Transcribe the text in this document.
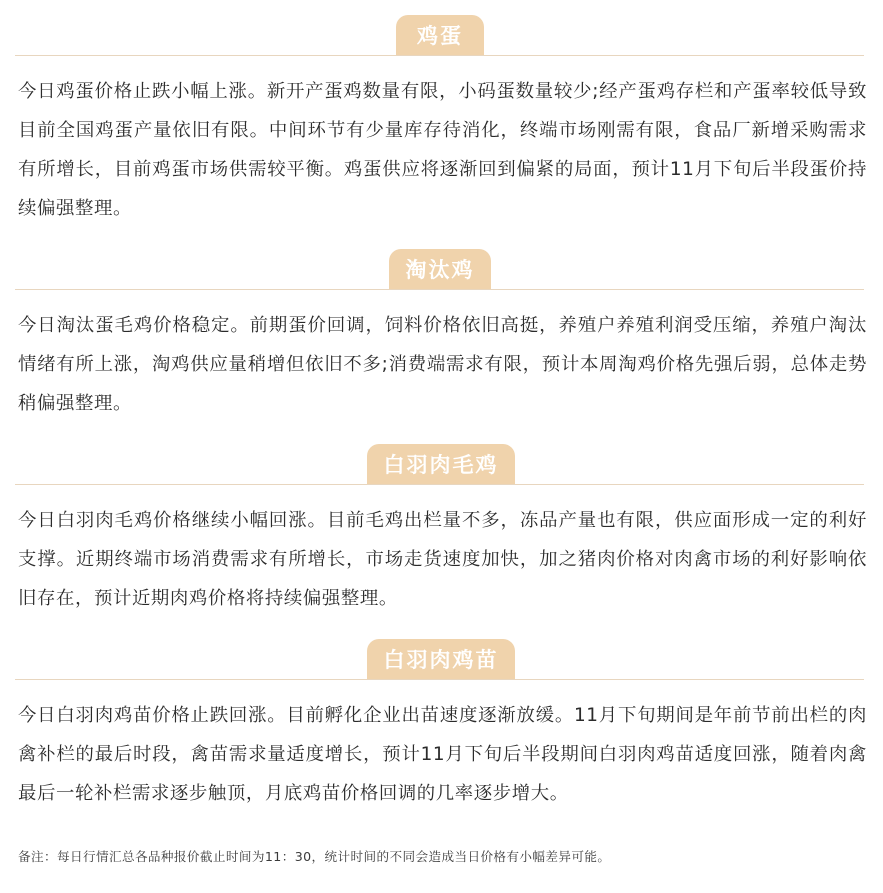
鸡蛋
今日鸡蛋价格止跌小幅上涨。新开产蛋鸡数量有限，小码蛋数量较少;经产蛋鸡存栏和产蛋率较低导致目前全国鸡蛋产量依旧有限。中间环节有少量库存待消化，终端市场刚需有限，食品厂新增采购需求有所增长，目前鸡蛋市场供需较平衡。鸡蛋供应将逐渐回到偏紧的局面，预计11月下旬后半段蛋价持续偏强整理。
淘汰鸡
今日淘汰蛋毛鸡价格稳定。前期蛋价回调，饲料价格依旧高挺，养殖户养殖利润受压缩，养殖户淘汰情绪有所上涨，淘鸡供应量稍增但依旧不多;消费端需求有限，预计本周淘鸡价格先强后弱，总体走势稍偏强整理。
白羽肉毛鸡
今日白羽肉毛鸡价格继续小幅回涨。目前毛鸡出栏量不多，冻品产量也有限，供应面形成一定的利好支撑。近期终端市场消费需求有所增长，市场走货速度加快，加之猪肉价格对肉禽市场的利好影响依旧存在，预计近期肉鸡价格将持续偏强整理。
白羽肉鸡苗
今日白羽肉鸡苗价格止跌回涨。目前孵化企业出苗速度逐渐放缓。11月下旬期间是年前节前出栏的肉禽补栏的最后时段，禽苗需求量适度增长，预计11月下旬后半段期间白羽肉鸡苗适度回涨，随着肉禽最后一轮补栏需求逐步触顶，月底鸡苗价格回调的几率逐步增大。
备注：每日行情汇总各品种报价截止时间为11：30，统计时间的不同会造成当日价格有小幅差异可能。
